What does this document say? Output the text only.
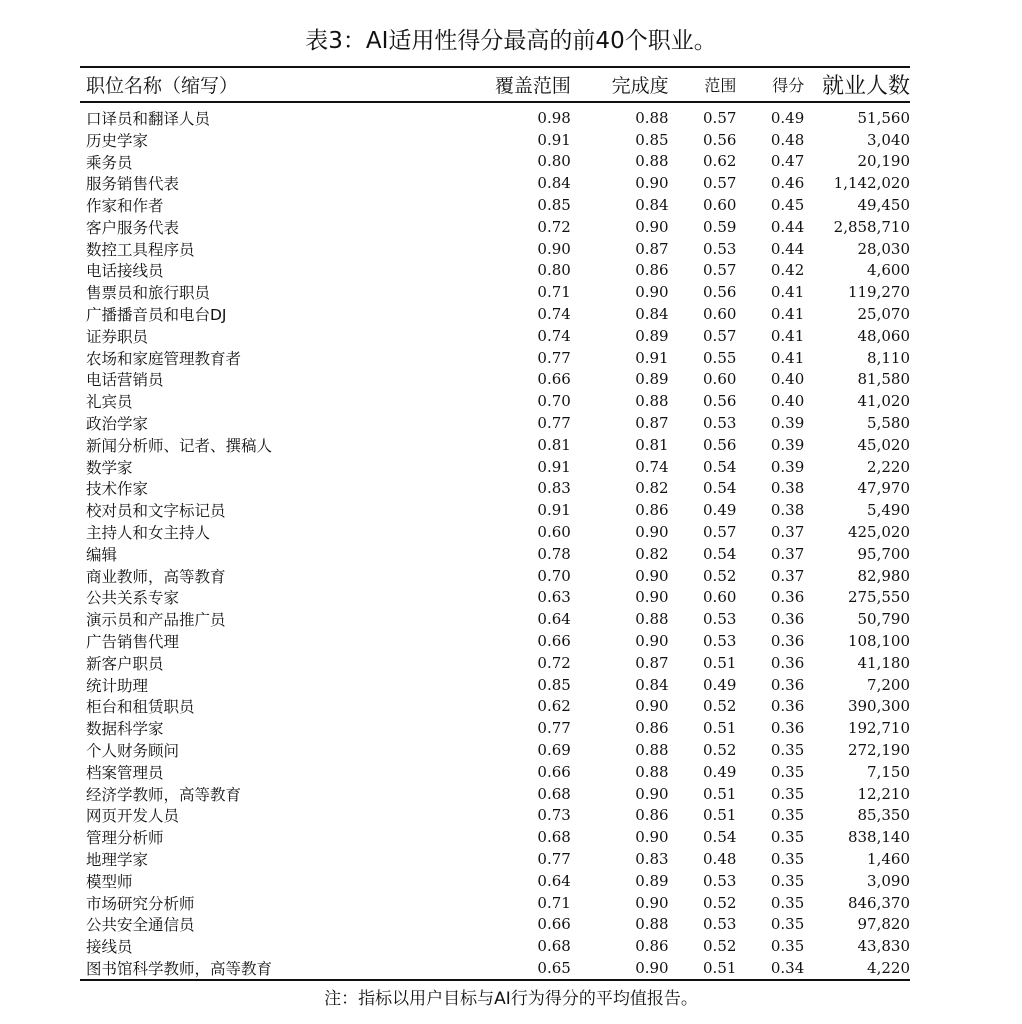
表3：AI适用性得分最高的前40个职业。
职位名称（缩写）	覆盖范围	完成度	范围	得分 就业人数
口译员和翻译人员	0.98	0.88	0.57	0.49	51,560
历史学家	0.91	0.85	0.56	0.48	3,040
乘务员	0.80	0.88	0.62	0.47	20,190
服务销售代表	0.84	0.90	0.57	0.46	1,142,020
作家和作者	0.85	0.84	0.60	0.45	49,450
客户服务代表	0.72	0.90	0.59	0.44	2,858,710
数控工具程序员	0.90	0.87	0.53	0.44	28,030
电话接线员	0.80	0.86	0.57	0.42	4,600
售票员和旅行职员	0.71	0.90	0.56	0.41	119,270
广播播音员和电台DJ	0.74	0.84	0.60	0.41	25,070
证券职员	0.74	0.89	0.57	0.41	48,060
农场和家庭管理教育者	0.77	0.91	0.55	0.41	8,110
电话营销员	0.66	0.89	0.60	0.40	81,580
礼宾员	0.70	0.88	0.56	0.40	41,020
政治学家	0.77	0.87	0.53	0.39	5,580
新闻分析师、记者、撰稿人	0.81	0.81	0.56	0.39	45,020
数学家	0.91	0.74	0.54	0.39	2,220
技术作家	0.83	0.82	0.54	0.38	47,970
校对员和文字标记员	0.91	0.86	0.49	0.38	5,490
主持人和女主持人	0.60	0.90	0.57	0.37	425,020
编辑	0.78	0.82	0.54	0.37	95,700
商业教师，高等教育	0.70	0.90	0.52	0.37	82,980
公共关系专家	0.63	0.90	0.60	0.36	275,550
演示员和产品推广员	0.64	0.88	0.53	0.36	50,790
广告销售代理	0.66	0.90	0.53	0.36	108,100
新客户职员	0.72	0.87	0.51	0.36	41,180
统计助理	0.85	0.84	0.49	0.36	7,200
柜台和租赁职员	0.62	0.90	0.52	0.36	390,300
数据科学家	0.77	0.86	0.51	0.36	192,710
个人财务顾问	0.69	0.88	0.52	0.35	272,190
档案管理员	0.66	0.88	0.49	0.35	7,150
经济学教师，高等教育	0.68	0.90	0.51	0.35	12,210
网页开发人员	0.73	0.86	0.51	0.35	85,350
管理分析师	0.68	0.90	0.54	0.35	838,140
地理学家	0.77	0.83	0.48	0.35	1,460
模型师	0.64	0.89	0.53	0.35	3,090
市场研究分析师	0.71	0.90	0.52	0.35	846,370
公共安全通信员	0.66	0.88	0.53	0.35	97,820
接线员	0.68	0.86	0.52	0.35	43,830
图书馆科学教师，高等教育	0.65	0.90	0.51	0.34	4,220
注：指标以用户目标与AI行为得分的平均值报告。
